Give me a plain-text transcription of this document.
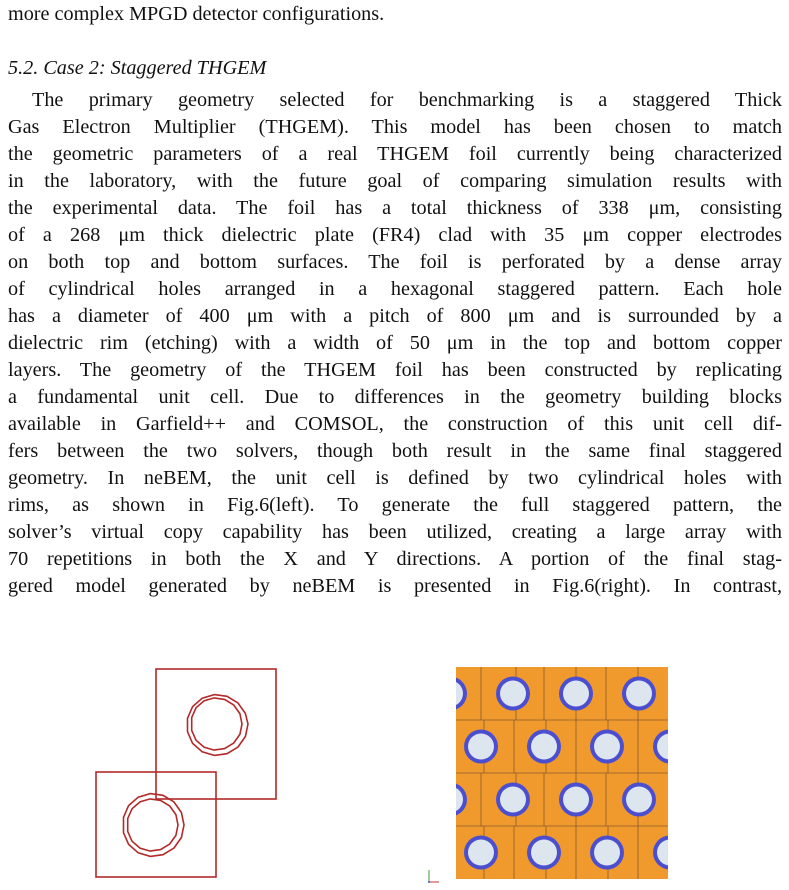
more complex MPGD detector configurations.
5.2. Case 2: Staggered THGEM
The primary geometry selected for benchmarking is a staggered Thick
Gas Electron Multiplier (THGEM). This model has been chosen to match
the geometric parameters of a real THGEM foil currently being characterized
in the laboratory, with the future goal of comparing simulation results with
the experimental data. The foil has a total thickness of 338 μm, consisting
of a 268 μm thick dielectric plate (FR4) clad with 35 μm copper electrodes
on both top and bottom surfaces. The foil is perforated by a dense array
of cylindrical holes arranged in a hexagonal staggered pattern. Each hole
has a diameter of 400 μm with a pitch of 800 μm and is surrounded by a
dielectric rim (etching) with a width of 50 μm in the top and bottom copper
layers. The geometry of the THGEM foil has been constructed by replicating
a fundamental unit cell. Due to differences in the geometry building blocks
available in Garfield++ and COMSOL, the construction of this unit cell dif-
fers between the two solvers, though both result in the same final staggered
geometry. In neBEM, the unit cell is defined by two cylindrical holes with
rims, as shown in Fig.6(left). To generate the full staggered pattern, the
solver’s virtual copy capability has been utilized, creating a large array with
70 repetitions in both the X and Y directions. A portion of the final stag-
gered model generated by neBEM is presented in Fig.6(right). In contrast,
